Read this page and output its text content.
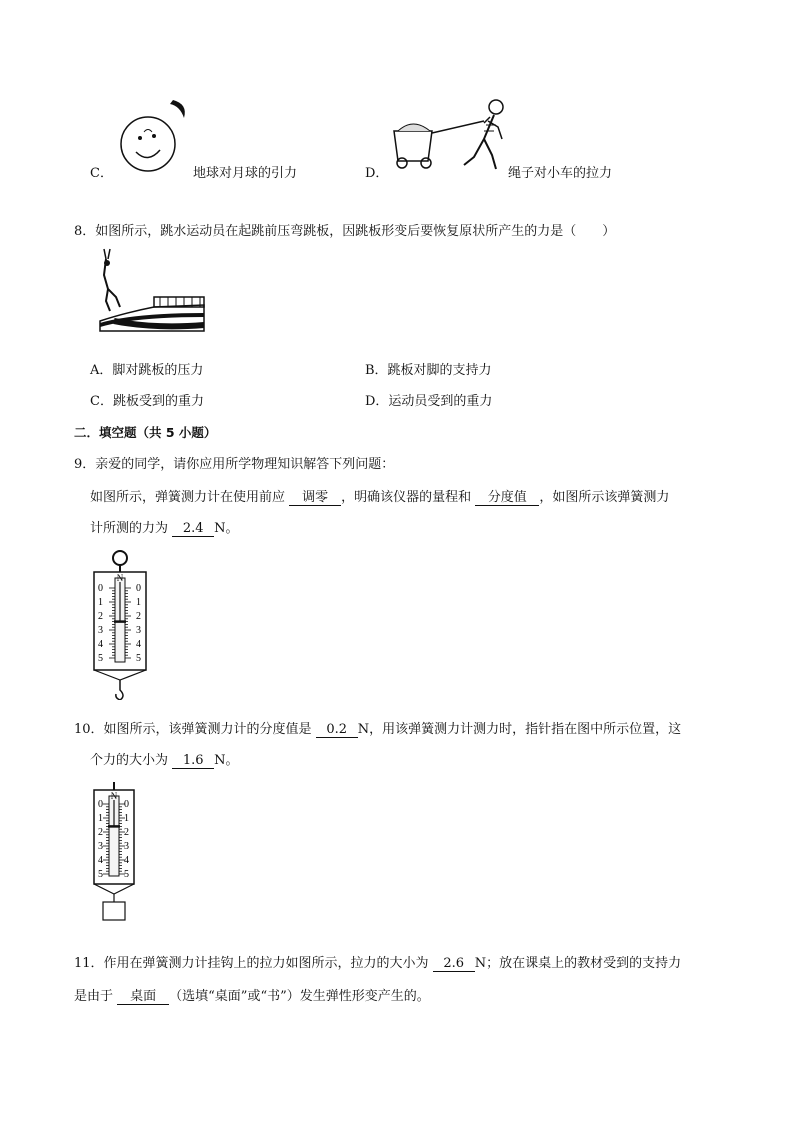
C．	地球对月球的引力	D．	绳子对小车的拉力
8．如图所示，跳水运动员在起跳前压弯跳板，因跳板形变后要恢复原状所产生的力是（　　）
A．脚对跳板的压力	B．跳板对脚的支持力
C．跳板受到的重力	D．运动员受到的重力
二．填空题（共 5 小题）
9．亲爱的同学，请你应用所学物理知识解答下列问题：
如图所示，弹簧测力计在使用前应 调零 ，明确该仪器的量程和 分度值 ，如图所示该弹簧测力
计所测的力为 2.4 N。
N
0	0
1	1
2	2
3	3
4	4
5	5
10．如图所示，该弹簧测力计的分度值是 0.2 N，用该弹簧测力计测力时，指针指在图中所示位置，这
个力的大小为 1.6 N。
N
0 0
1 1
2 2
3 3
4 4
5 5
11．作用在弹簧测力计挂钩上的拉力如图所示，拉力的大小为 2.6 N；放在课桌上的教材受到的支持力
是由于 桌面 （选填“桌面”或“书”）发生弹性形变产生的。
